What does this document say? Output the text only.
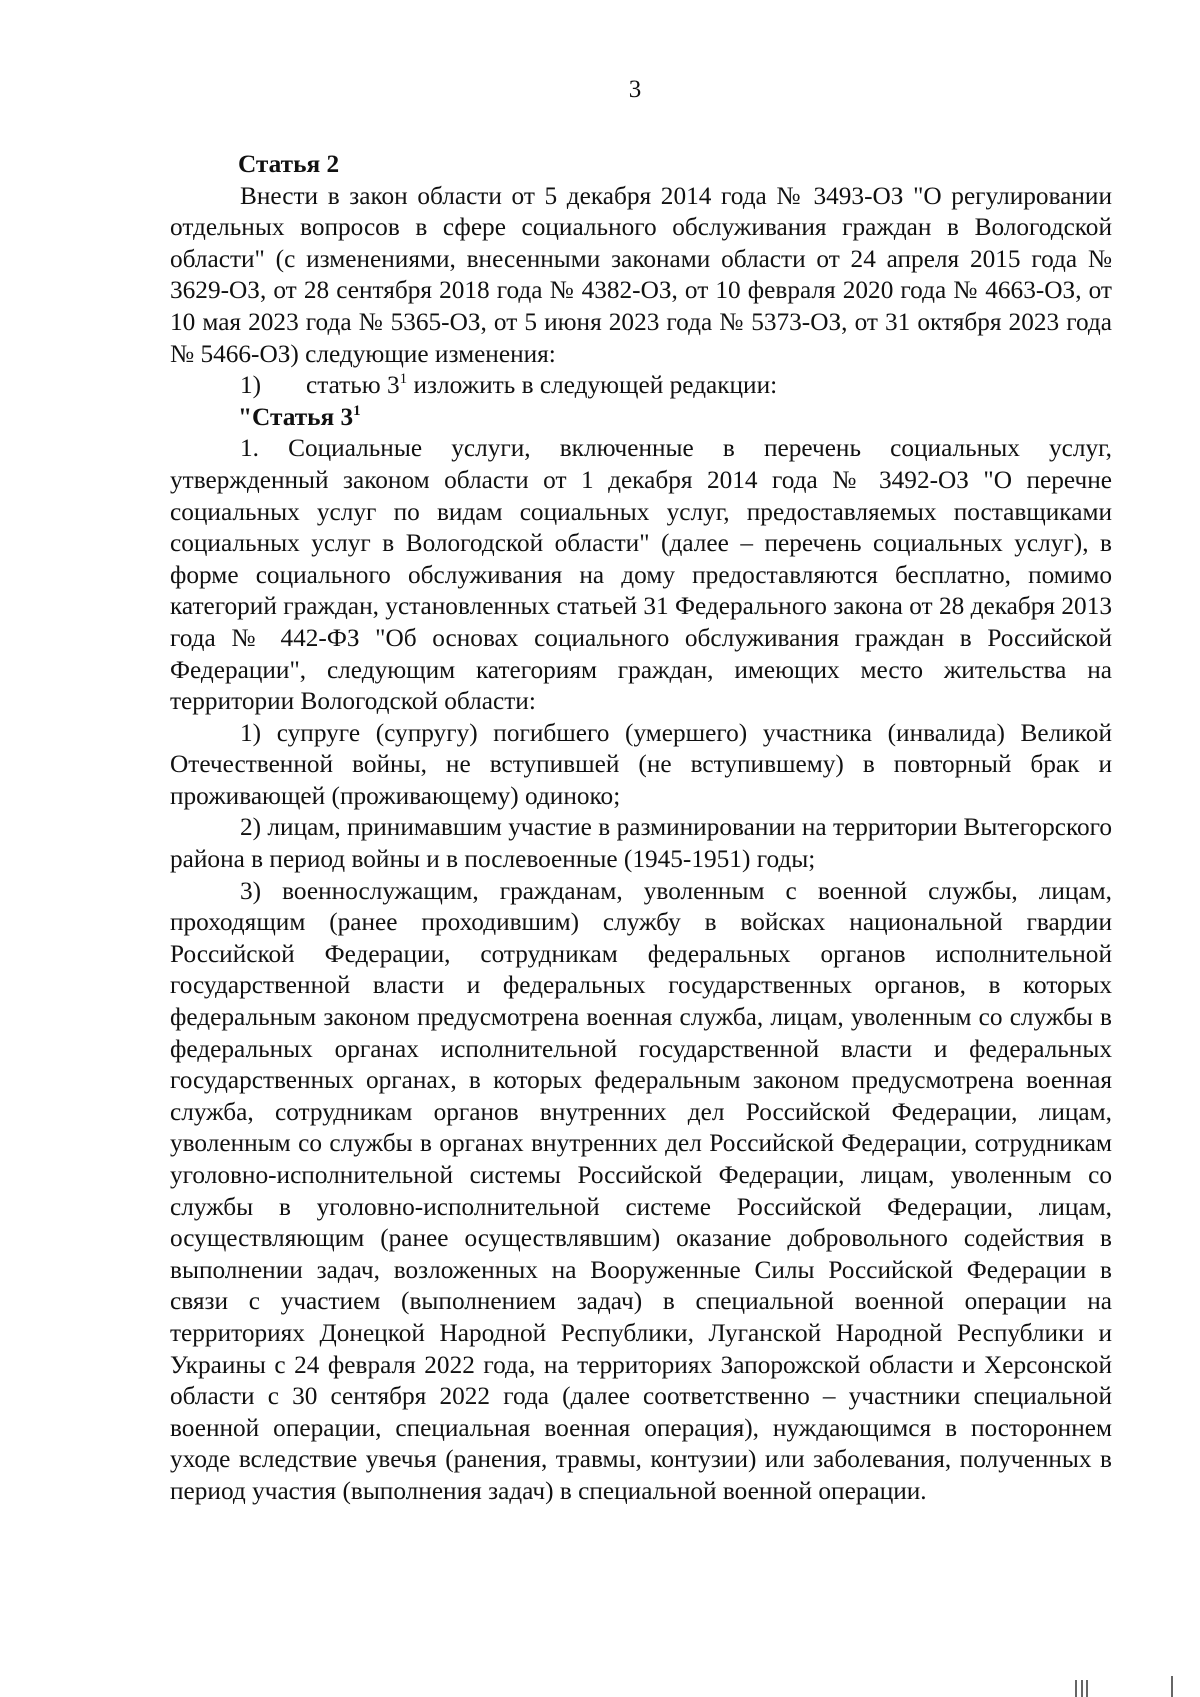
3

Статья 2

Внести в закон области от 5 декабря 2014 года № 3493-ОЗ "О регулировании отдельных вопросов в сфере социального обслуживания граждан в Вологодской области" (с изменениями, внесенными законами области от 24 апреля 2015 года № 3629-ОЗ, от 28 сентября 2018 года № 4382-ОЗ, от 10 февраля 2020 года № 4663-ОЗ, от 10 мая 2023 года № 5365-ОЗ, от 5 июня 2023 года № 5373-ОЗ, от 31 октября 2023 года № 5466-ОЗ) следующие изменения:

1) статью $3^1$ изложить в следующей редакции:

"Статья $3^1$

1. Социальные услуги, включенные в перечень социальных услуг, утвержденный законом области от 1 декабря 2014 года № 3492-ОЗ "О перечне социальных услуг по видам социальных услуг, предоставляемых поставщиками социальных услуг в Вологодской области" (далее – перечень социальных услуг), в форме социального обслуживания на дому предоставляются бесплатно, помимо категорий граждан, установленных статьей 31 Федерального закона от 28 декабря 2013 года № 442-ФЗ "Об основах социального обслуживания граждан в Российской Федерации", следующим категориям граждан, имеющих место жительства на территории Вологодской области:

1) супруге (супругу) погибшего (умершего) участника (инвалида) Великой Отечественной войны, не вступившей (не вступившему) в повторный брак и проживающей (проживающему) одиноко;

2) лицам, принимавшим участие в разминировании на территории Вытегорского района в период войны и в послевоенные (1945-1951) годы;

3) военнослужащим, гражданам, уволенным с военной службы, лицам, проходящим (ранее проходившим) службу в войсках национальной гвардии Российской Федерации, сотрудникам федеральных органов исполнительной государственной власти и федеральных государственных органов, в которых федеральным законом предусмотрена военная служба, лицам, уволенным со службы в федеральных органах исполнительной государственной власти и федеральных государственных органах, в которых федеральным законом предусмотрена военная служба, сотрудникам органов внутренних дел Российской Федерации, лицам, уволенным со службы в органах внутренних дел Российской Федерации, сотрудникам уголовно-исполнительной системы Российской Федерации, лицам, уволенным со службы в уголовно-исполнительной системе Российской Федерации, лицам, осуществляющим (ранее осуществлявшим) оказание добровольного содействия в выполнении задач, возложенных на Вооруженные Силы Российской Федерации в связи с участием (выполнением задач) в специальной военной операции на территориях Донецкой Народной Республики, Луганской Народной Республики и Украины с 24 февраля 2022 года, на территориях Запорожской области и Херсонской области с 30 сентября 2022 года (далее соответственно – участники специальной военной операции, специальная военная операция), нуждающимся в постороннем уходе вследствие увечья (ранения, травмы, контузии) или заболевания, полученных в период участия (выполнения задач) в специальной военной операции.
